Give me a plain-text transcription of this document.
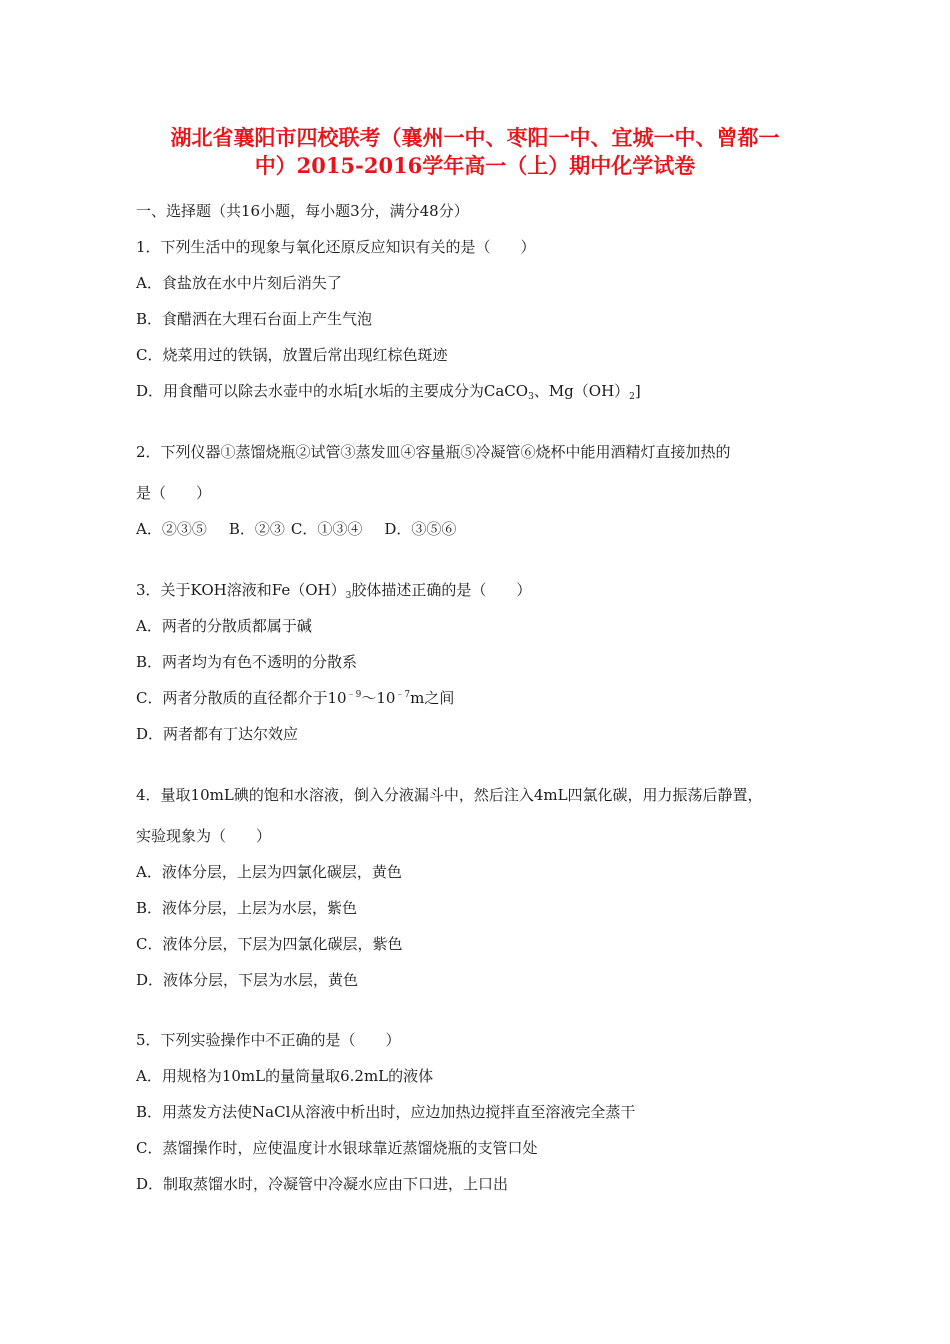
湖北省襄阳市四校联考（襄州一中、枣阳一中、宜城一中、曾都一
中）2015-2016学年高一（上）期中化学试卷
一、选择题（共16小题，每小题3分，满分48分）
1．下列生活中的现象与氧化还原反应知识有关的是（　　）
A．食盐放在水中片刻后消失了
B．食醋洒在大理石台面上产生气泡
C．烧菜用过的铁锅，放置后常出现红棕色斑迹
D．用食醋可以除去水壶中的水垢[水垢的主要成分为CaCO$_3$、$Mg(OH)_2$]
2．下列仪器①蒸馏烧瓶②试管③蒸发皿④容量瓶⑤冷凝管⑥烧杯中能用酒精灯直接加热的
是（　　）
A．②③⑤ B．②③ C．①③④ D．③⑤⑥
3．关于KOH溶液和$Fe(OH)_3$胶体描述正确的是（　　）
A．两者的分散质都属于碱
B．两者均为有色不透明的分散系
C．两者分散质的直径都介于$10^{﹣9}\sim 10^{﹣7}m$之间
D．两者都有丁达尔效应
4．量取10mL碘的饱和水溶液，倒入分液漏斗中，然后注入4mL四氯化碳，用力振荡后静置，
实验现象为（　　）
A．液体分层，上层为四氯化碳层，黄色
B．液体分层，上层为水层，紫色
C．液体分层，下层为四氯化碳层，紫色
D．液体分层，下层为水层，黄色
5．下列实验操作中不正确的是（　　）
A．用规格为10mL的量筒量取6.2mL的液体
B．用蒸发方法使NaCl从溶液中析出时，应边加热边搅拌直至溶液完全蒸干
C．蒸馏操作时，应使温度计水银球靠近蒸馏烧瓶的支管口处
D．制取蒸馏水时，冷凝管中冷凝水应由下口进，上口出
